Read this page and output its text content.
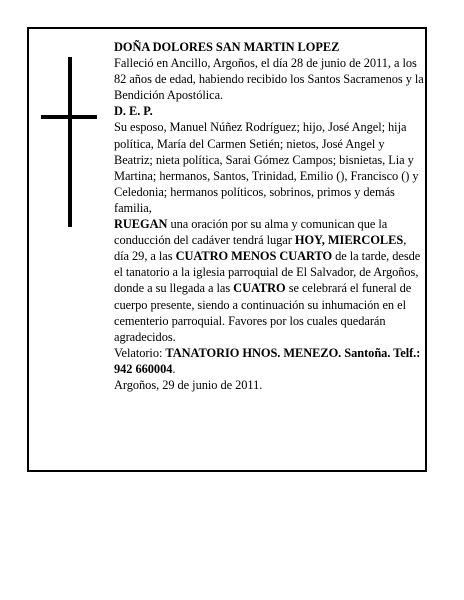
DOÑA DOLORES SAN MARTIN LOPEZ

Falleció en Ancillo, Argoños, el día 28 de junio de 2011, a los 82 años de edad, habiendo recibido los Santos Sacramenos y la Bendición Apostólica.

D. E. P.

Su esposo, Manuel Núñez Rodríguez; hijo, José Angel; hija política, María del Carmen Setién; nietos, José Angel y Beatriz; nieta política, Sarai Gómez Campos; bisnietas, Lia y Martina; hermanos, Santos, Trinidad, Emilio (), Francisco () y Celedonia; hermanos políticos, sobrinos, primos y demás familia,

RUEGAN una oración por su alma y comunican que la conducción del cadáver tendrá lugar HOY, MIERCOLES, día 29, a las CUATRO MENOS CUARTO de la tarde, desde el tanatorio a la iglesia parroquial de El Salvador, de Argoños, donde a su llegada a las CUATRO se celebrará el funeral de cuerpo presente, siendo a continuación su inhumación en el cementerio parroquial. Favores por los cuales quedarán agradecidos.

Velatorio: TANATORIO HNOS. MENEZO. Santoña. Telf.: 942 660004.

Argoños, 29 de junio de 2011.
